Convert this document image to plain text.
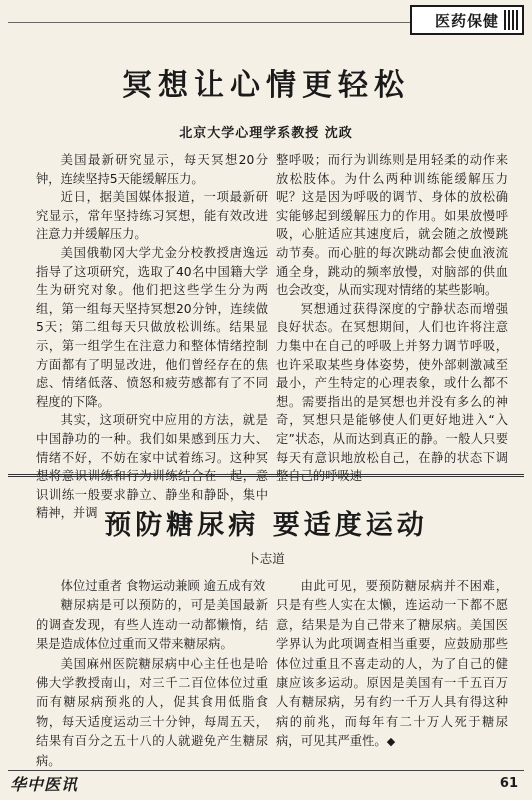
医药保健
冥想让心情更轻松
北京大学心理学系教授 沈政

美国最新研究显示，每天冥想20分钟，连续坚持5天能缓解压力。

近日，据美国媒体报道，一项最新研究显示，常年坚持练习冥想，能有效改进注意力并缓解压力。

美国俄勒冈大学尤金分校教授唐逸远指导了这项研究，选取了40名中国籍大学生为研究对象。他们把这些学生分为两组，第一组每天坚持冥想20分钟，连续做5天；第二组每天只做放松训练。结果显示，第一组学生在注意力和整体情绪控制方面都有了明显改进，他们曾经存在的焦虑、情绪低落、愤怒和疲劳感都有了不同程度的下降。

其实，这项研究中应用的方法，就是中国静功的一种。我们如果感到压力大、情绪不好，不妨在家中试着练习。这种冥想将意识训练和行为训练结合在一起，意识训练一般要求静立、静坐和静卧，集中精神，并调

整呼吸；而行为训练则是用轻柔的动作来放松肢体。为什么两种训练能缓解压力呢？这是因为呼吸的调节、身体的放松确实能够起到缓解压力的作用。如果放慢呼吸，心脏适应其速度后，就会随之放慢跳动节奏。而心脏的每次跳动都会使血液流通全身，跳动的频率放慢，对脑部的供血也会改变，从而实现对情绪的某些影响。

冥想通过获得深度的宁静状态而增强良好状态。在冥想期间，人们也许将注意力集中在自己的呼吸上并努力调节呼吸，也许采取某些身体姿势，使外部刺激减至最小，产生特定的心理表象，或什么都不想。需要指出的是冥想也并没有多么的神奇，冥想只是能够使人们更好地进入“入定”状态，从而达到真正的静。一般人只要每天有意识地放松自己，在静的状态下调整自己的呼吸速

预防糖尿病 要适度运动
卜志道

体位过重者 食物运动兼顾 逾五成有效

糖尿病是可以预防的，可是美国最新的调查发现，有些人连动一动都懒惰，结果是造成体位过重而又带来糖尿病。

美国麻州医院糖尿病中心主任也是哈佛大学教授南山，对三千二百位体位过重而有糖尿病预兆的人，促其食用低脂食物，每天适度运动三十分钟，每周五天，结果有百分之五十八的人就避免产生糖尿病。

由此可见，要预防糖尿病并不困难，只是有些人实在太懒，连运动一下都不愿意，结果是为自己带来了糖尿病。美国医学界认为此项调查相当重要，应鼓励那些体位过重且不喜走动的人，为了自己的健康应该多运动。原因是美国有一千五百万人有糖尿病，另有约一千万人具有得这种病的前兆，而每年有二十万人死于糖尿病，可见其严重性。◆

华中医讯	61
